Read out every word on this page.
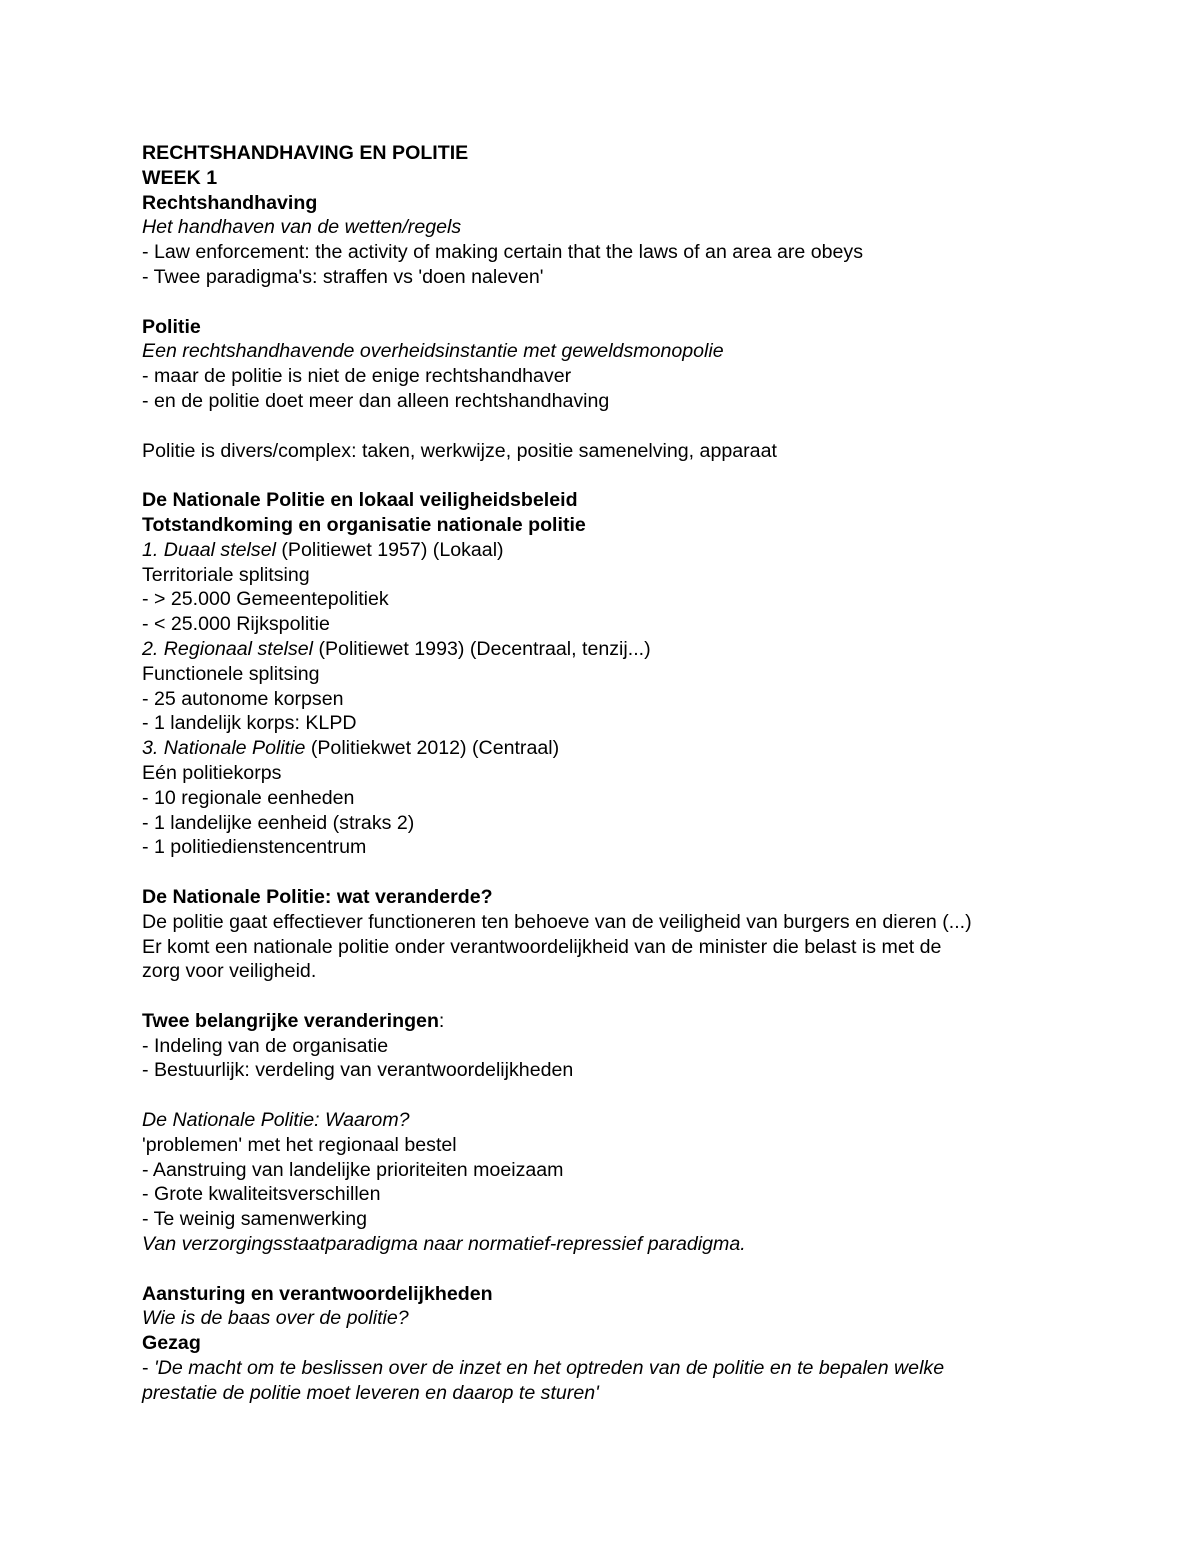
RECHTSHANDHAVING EN POLITIE
WEEK 1
Rechtshandhaving
Het handhaven van de wetten/regels
- Law enforcement: the activity of making certain that the laws of an area are obeys
- Twee paradigma's: straffen vs 'doen naleven'
Politie
Een rechtshandhavende overheidsinstantie met geweldsmonopolie
- maar de politie is niet de enige rechtshandhaver
- en de politie doet meer dan alleen rechtshandhaving
Politie is divers/complex: taken, werkwijze, positie samenelving, apparaat
De Nationale Politie en lokaal veiligheidsbeleid
Totstandkoming en organisatie nationale politie
1. Duaal stelsel (Politiewet 1957) (Lokaal)
Territoriale splitsing
- > 25.000 Gemeentepolitiek
- < 25.000 Rijkspolitie
2. Regionaal stelsel (Politiewet 1993) (Decentraal, tenzij...)
Functionele splitsing
- 25 autonome korpsen
- 1 landelijk korps: KLPD
3. Nationale Politie (Politiekwet 2012) (Centraal)
Eén politiekorps
- 10 regionale eenheden
- 1 landelijke eenheid (straks 2)
- 1 politiedienstencentrum
De Nationale Politie: wat veranderde?
De politie gaat effectiever functioneren ten behoeve van de veiligheid van burgers en dieren (...)
Er komt een nationale politie onder verantwoordelijkheid van de minister die belast is met de
zorg voor veiligheid.
Twee belangrijke veranderingen:
- Indeling van de organisatie
- Bestuurlijk: verdeling van verantwoordelijkheden
De Nationale Politie: Waarom?
'problemen' met het regionaal bestel
- Aanstruing van landelijke prioriteiten moeizaam
- Grote kwaliteitsverschillen
- Te weinig samenwerking
Van verzorgingsstaatparadigma naar normatief-repressief paradigma.
Aansturing en verantwoordelijkheden
Wie is de baas over de politie?
Gezag
- 'De macht om te beslissen over de inzet en het optreden van de politie en te bepalen welke
prestatie de politie moet leveren en daarop te sturen'
